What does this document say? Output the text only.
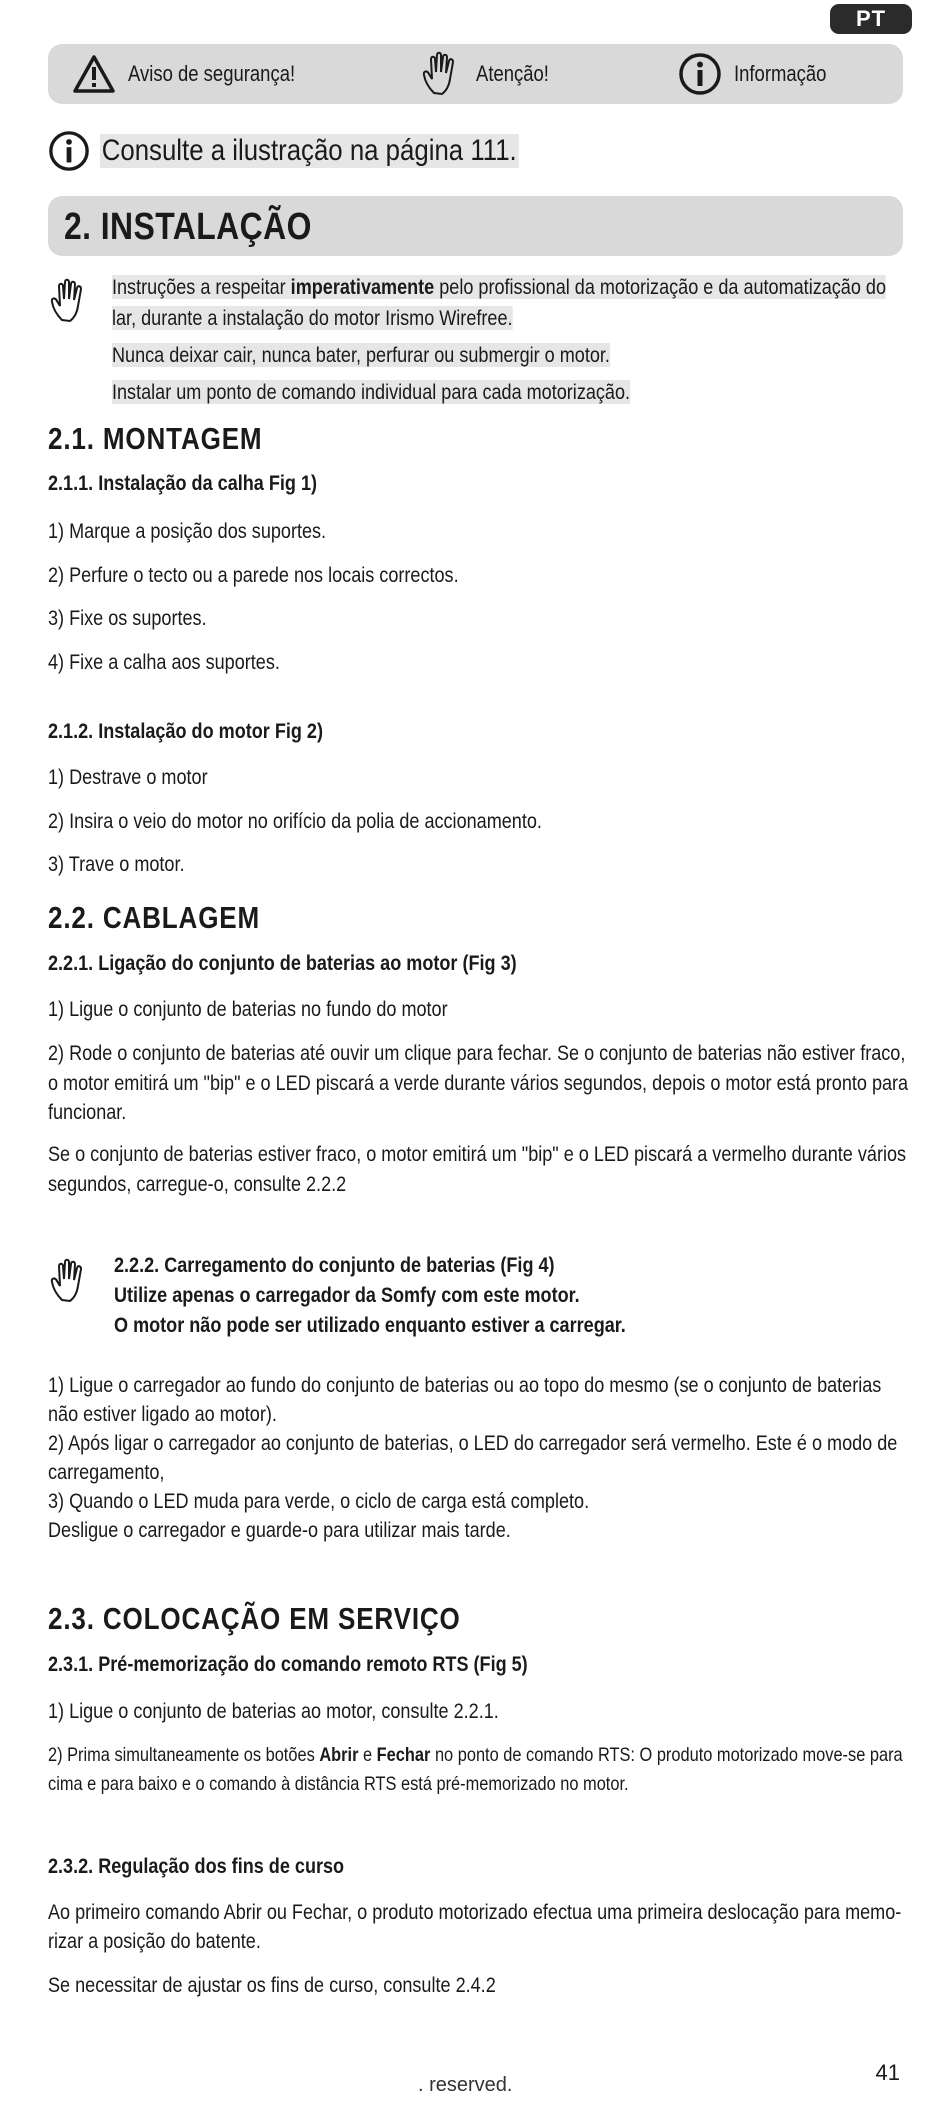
PT
Aviso de segurança!	Atenção!	Informação
Consulte a ilustração na página 111.
2. INSTALAÇÃO
Instruções a respeitar imperativamente pelo profissional da motorização e da automatização do
lar, durante a instalação do motor Irismo Wirefree.
Nunca deixar cair, nunca bater, perfurar ou submergir o motor.
Instalar um ponto de comando individual para cada motorização.
2.1. MONTAGEM
2.1.1. Instalação da calha Fig 1)
1) Marque a posição dos suportes.
2) Perfure o tecto ou a parede nos locais correctos.
3) Fixe os suportes.
4) Fixe a calha aos suportes.
2.1.2. Instalação do motor Fig 2)
1) Destrave o motor
2) Insira o veio do motor no orifício da polia de accionamento.
3) Trave o motor.
2.2. CABLAGEM
2.2.1. Ligação do conjunto de baterias ao motor (Fig 3)
1) Ligue o conjunto de baterias no fundo do motor
2) Rode o conjunto de baterias até ouvir um clique para fechar. Se o conjunto de baterias não estiver fraco,
o motor emitirá um "bip" e o LED piscará a verde durante vários segundos, depois o motor está pronto para
funcionar.
Se o conjunto de baterias estiver fraco, o motor emitirá um "bip" e o LED piscará a vermelho durante vários
segundos, carregue-o, consulte 2.2.2
2.2.2. Carregamento do conjunto de baterias (Fig 4)
Utilize apenas o carregador da Somfy com este motor.
O motor não pode ser utilizado enquanto estiver a carregar.
1) Ligue o carregador ao fundo do conjunto de baterias ou ao topo do mesmo (se o conjunto de baterias
não estiver ligado ao motor).
2) Após ligar o carregador ao conjunto de baterias, o LED do carregador será vermelho. Este é o modo de
carregamento,
3) Quando o LED muda para verde, o ciclo de carga está completo.
Desligue o carregador e guarde-o para utilizar mais tarde.
2.3. COLOCAÇÃO EM SERVIÇO
2.3.1. Pré-memorização do comando remoto RTS (Fig 5)
1) Ligue o conjunto de baterias ao motor, consulte 2.2.1.
2) Prima simultaneamente os botões Abrir e Fechar no ponto de comando RTS: O produto motorizado move-se para
cima e para baixo e o comando à distância RTS está pré-memorizado no motor.
2.3.2. Regulação dos fins de curso
Ao primeiro comando Abrir ou Fechar, o produto motorizado efectua uma primeira deslocação para memo-
rizar a posição do batente.
Se necessitar de ajustar os fins de curso, consulte 2.4.2
. reserved.	41
